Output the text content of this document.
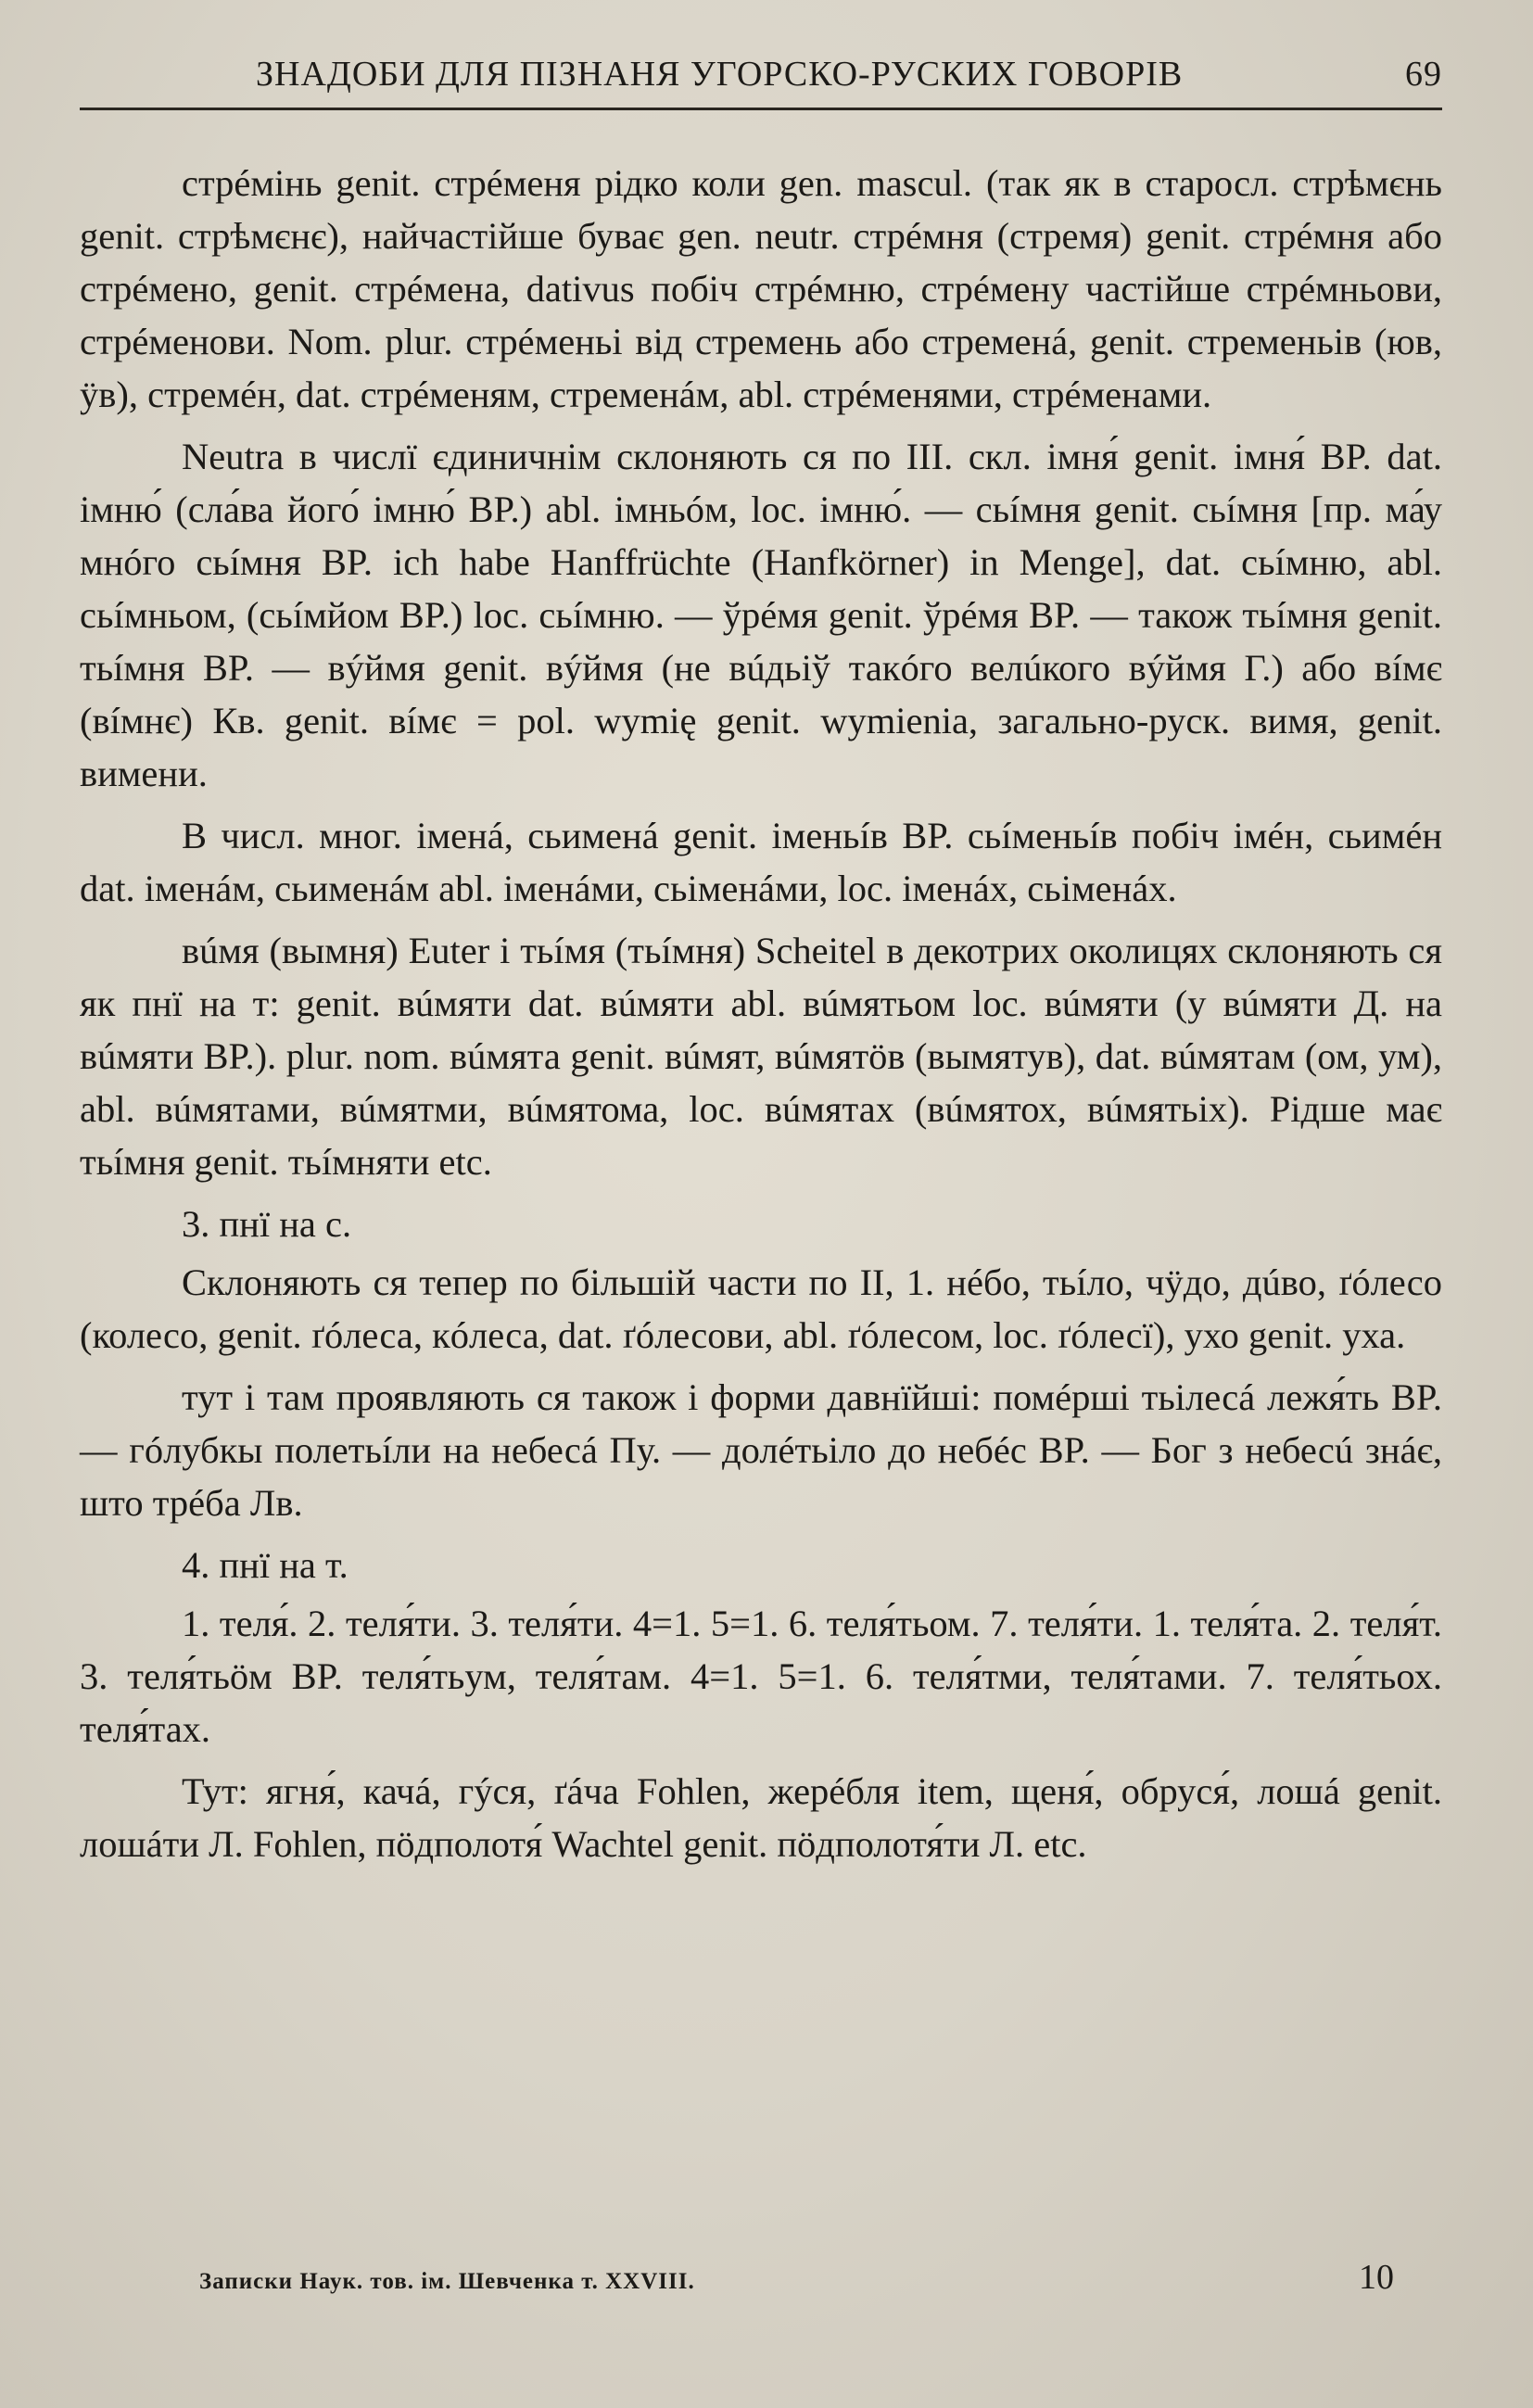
ЗНАДОБИ ДЛЯ ПІЗНАНЯ УГОРСКО-РУСКИХ ГОВОРІВ	69

стрéмінь genit. стрéменя рідко коли gen. mascul. (так як в старосл. стрѣмєнь genit. стрѣмєнє), найчастійше буває gen. neutr. стрéмня (стремя) genit. стрéмня або стрéмено, genit. стрéмена, dativus побіч стрéмню, стрéмену частійше стрéмньови, стрéменови. Nom. plur. стрéменьі від стремень або стременá, genit. стременьів (юв, ӱв), стремéн, dat. стрéменям, стременáм, abl. стрéменями, стрéменами.

Neutra в числї єдиничнім склоняють ся по III. скл. імня́ genit. імня́ BP. dat. імню́ (сла́ва його́ імню́ BP.) abl. імньóм, loc. імню́. — сьíмня genit. сьíмня [пр. ма́у мнóго сьíмня BP. ich habe Hanffrüchte (Hanfkörner) in Menge], dat. сьíмню, abl. сьíмньом, (сьíмйом BP.) loc. сьíмню. — ўрéмя genit. ўрéмя BP. — також тьíмня genit. тьíмня BP. — вýймя genit. вýймя (не вúдьіў такóго велúкого вýймя Г.) або вíмє (вíмнє) Кв. genit. вíмє = pol. wymię genit. wymienia, загально-руск. вимя, genit. вимени.

В числ. мног. іменá, сьименá genit. іменьíв BP. сьíменьíв побіч імéн, сьимéн dat. іменáм, сьименáм abl. іменáми, сьіменáми, loc. іменáх, сьіменáх.

вúмя (вымня) Euter і тьíмя (тьíмня) Scheitel в декотрих околицях склоняють ся як пнї на т: genit. вúмяти dat. вúмяти abl. вúмятьом loc. вúмяти (у вúмяти Д. на вúмяти BP.). plur. nom. вúмята genit. вúмят, вúмятӧв (вымятув), dat. вúмятам (ом, ум), abl. вúмятами, вúмятми, вúмятома, loc. вúмятах (вúмятох, вúмятьіх). Рідше має тьíмня genit. тьíмняти etc.

3. пнї на с.

Склоняють ся тепер по більшій части по II, 1. нéбо, тьíло, чӱдо, дúво, ґóлесо (колесо, genit. ґóлеса, кóлеса, dat. ґóлесови, abl. ґóлесом, loc. ґóлесї), ухо genit. уха.

тут і там проявляють ся також і форми давнїйші: помéрші тьілесá лежя́ть BP. — гóлубкы полетьíли на небесá Пу. — долéтьіло до небéс BP. — Бог з небесú знáє, што трéба Лв.

4. пнї на т.

1. теля́. 2. теля́ти. 3. теля́ти. 4=1. 5=1. 6. теля́тьом. 7. теля́ти. 1. теля́та. 2. теля́т. 3. теля́тьӧм BP. теля́тьум, теля́там. 4=1. 5=1. 6. теля́тми, теля́тами. 7. теля́тьох. теля́тах.

Тут: ягня́, качá, гýся, ґáча Fohlen, жерéбля item, щеня́, обруся́, лошá genit. лошáти Л. Fohlen, пӧдполотя́ Wachtel genit. пӧдполотя́ти Л. etc.

Записки Наук. тов. ім. Шевченка т. XXVIII.	10
